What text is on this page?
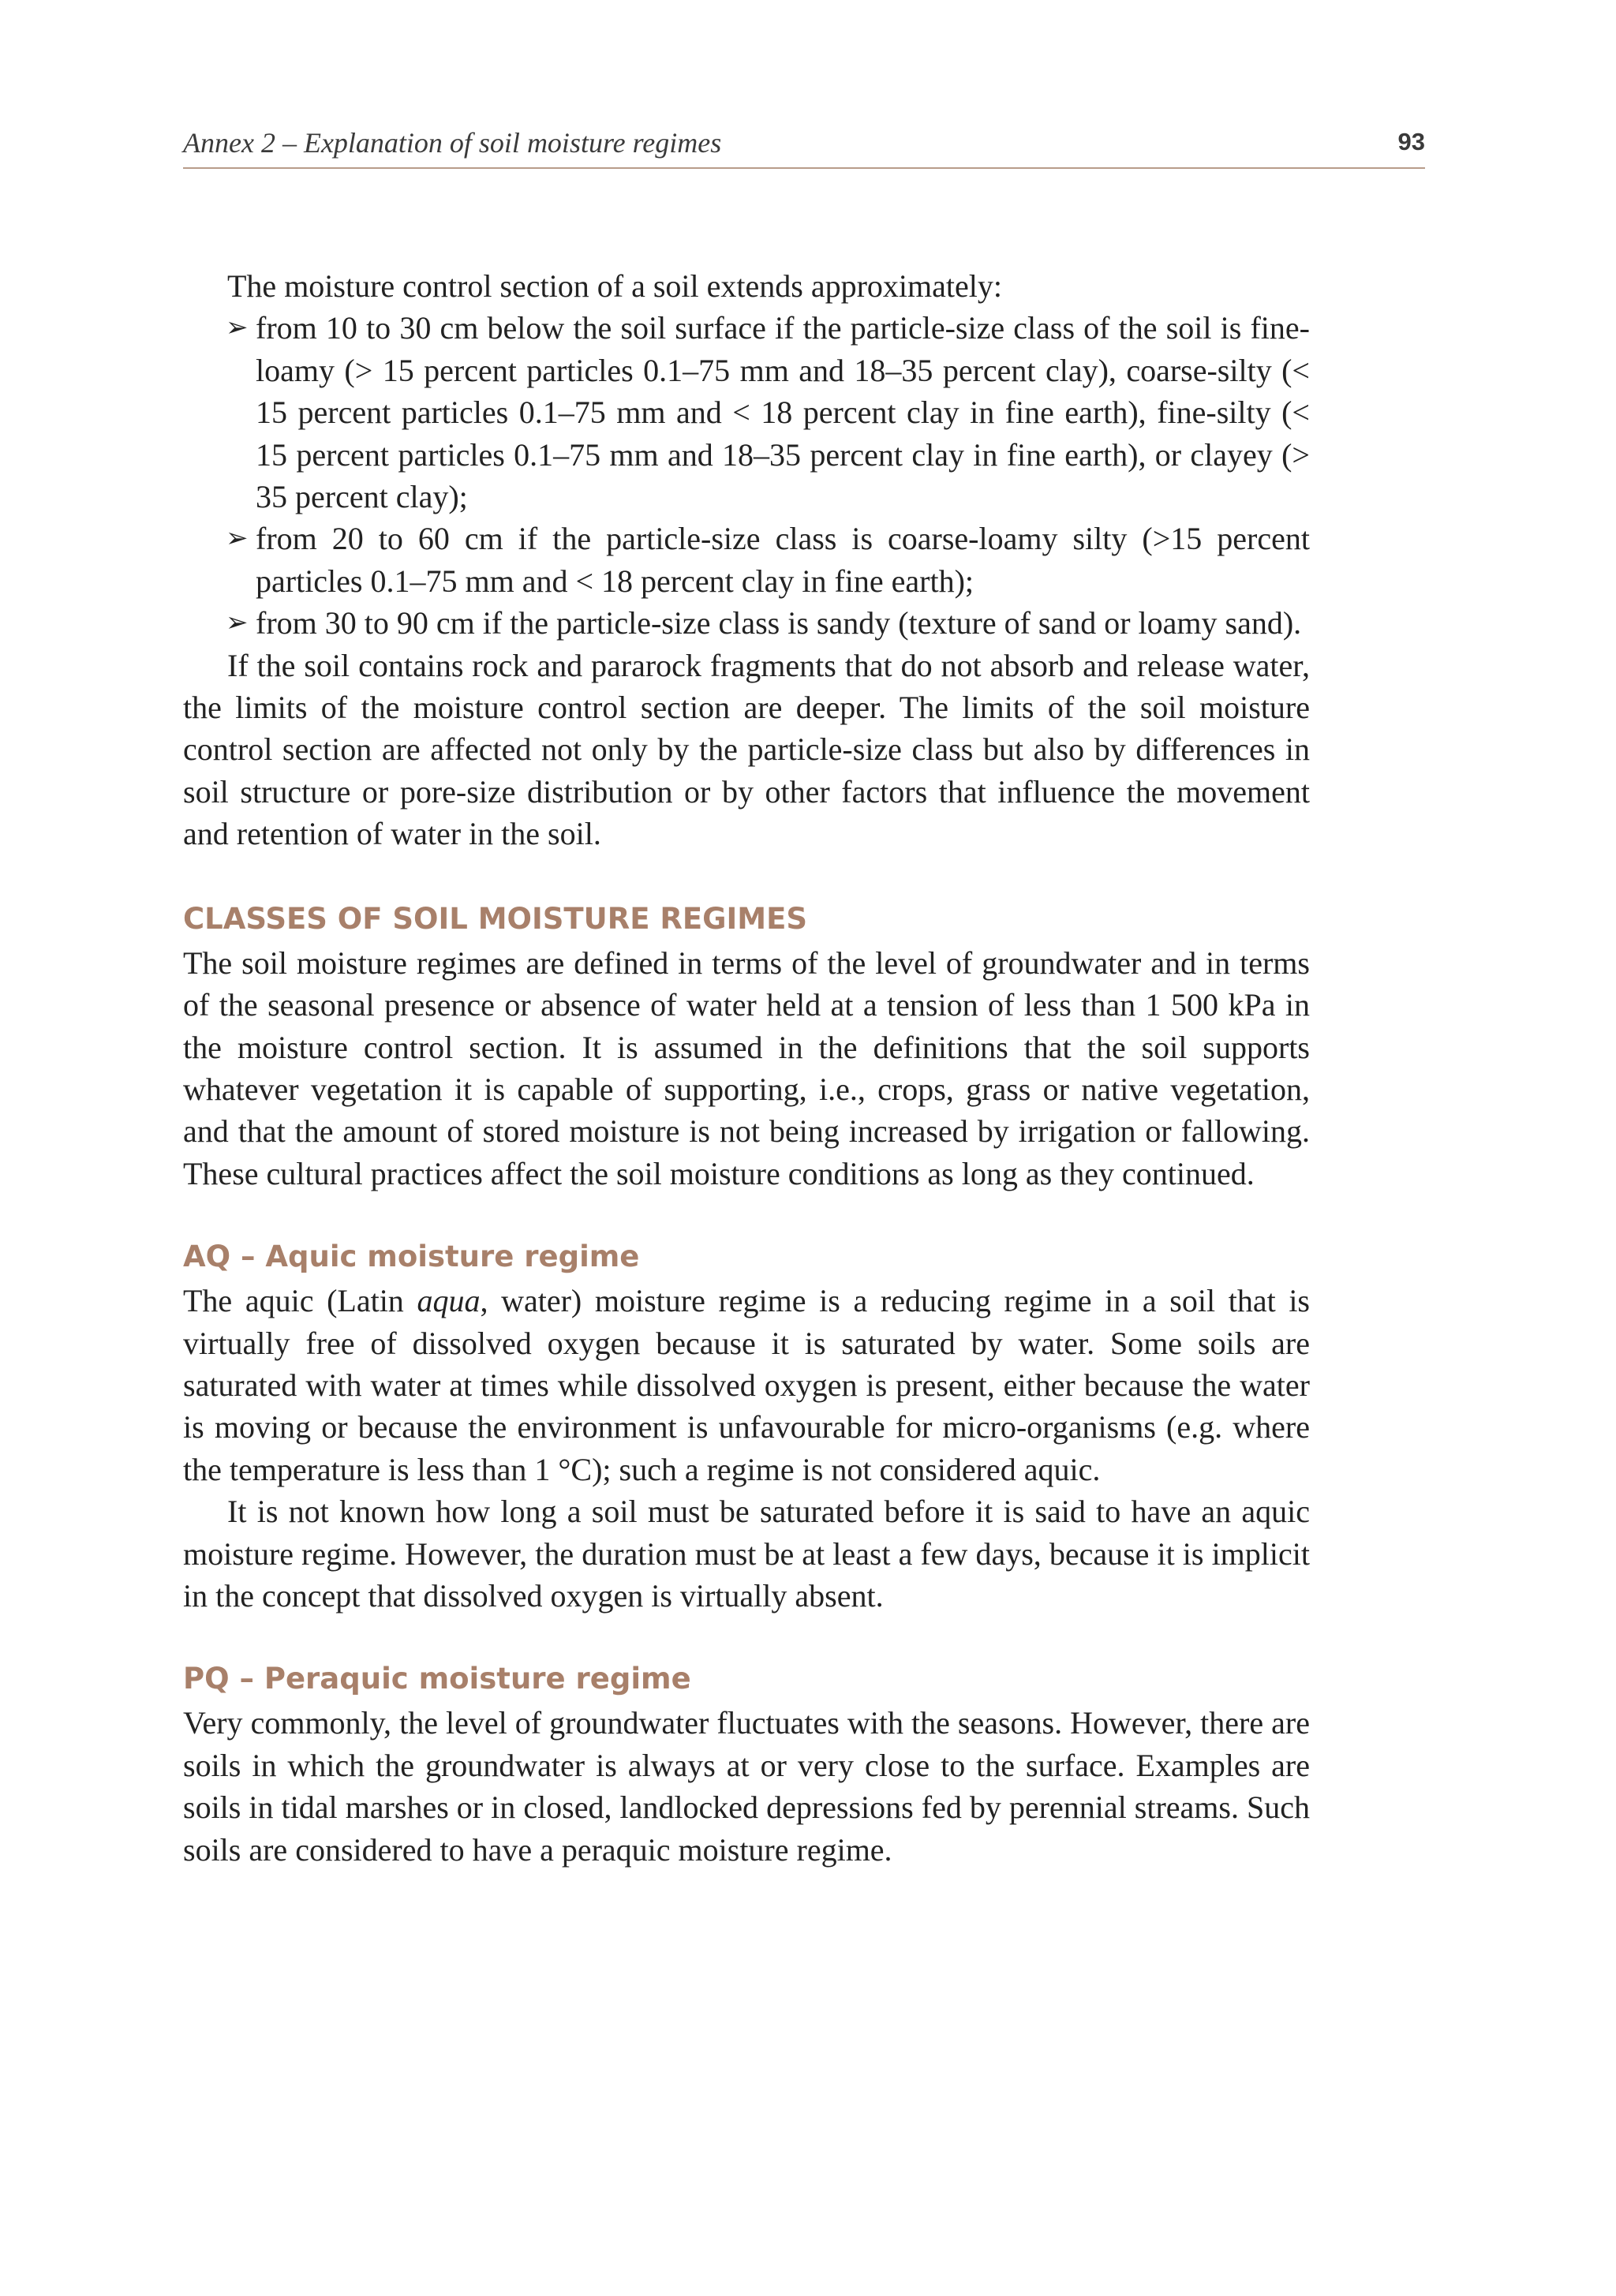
Annex 2 – Explanation of soil moisture regimes	93

The moisture control section of a soil extends approximately:

➢ from 10 to 30 cm below the soil surface if the particle-size class of the soil is fine-loamy (> 15 percent particles 0.1–75 mm and 18–35 percent clay), coarse-silty (< 15 percent particles 0.1–75 mm and < 18 percent clay in fine earth), fine-silty (< 15 percent particles 0.1–75 mm and 18–35 percent clay in fine earth), or clayey (> 35 percent clay);
➢ from 20 to 60 cm if the particle-size class is coarse-loamy silty (>15 percent particles 0.1–75 mm and < 18 percent clay in fine earth);
➢ from 30 to 90 cm if the particle-size class is sandy (texture of sand or loamy sand).

If the soil contains rock and pararock fragments that do not absorb and release water, the limits of the moisture control section are deeper. The limits of the soil moisture control section are affected not only by the particle-size class but also by differences in soil structure or pore-size distribution or by other factors that influence the movement and retention of water in the soil.

CLASSES OF SOIL MOISTURE REGIMES

The soil moisture regimes are defined in terms of the level of groundwater and in terms of the seasonal presence or absence of water held at a tension of less than 1 500 kPa in the moisture control section. It is assumed in the definitions that the soil supports whatever vegetation it is capable of supporting, i.e., crops, grass or native vegetation, and that the amount of stored moisture is not being increased by irrigation or fallowing. These cultural practices affect the soil moisture conditions as long as they continued.

AQ – Aquic moisture regime

The aquic (Latin aqua, water) moisture regime is a reducing regime in a soil that is virtually free of dissolved oxygen because it is saturated by water. Some soils are saturated with water at times while dissolved oxygen is present, either because the water is moving or because the environment is unfavourable for micro-organisms (e.g. where the temperature is less than 1 °C); such a regime is not considered aquic.

It is not known how long a soil must be saturated before it is said to have an aquic moisture regime. However, the duration must be at least a few days, because it is implicit in the concept that dissolved oxygen is virtually absent.

PQ – Peraquic moisture regime

Very commonly, the level of groundwater fluctuates with the seasons. However, there are soils in which the groundwater is always at or very close to the surface. Examples are soils in tidal marshes or in closed, landlocked depressions fed by perennial streams. Such soils are considered to have a peraquic moisture regime.
